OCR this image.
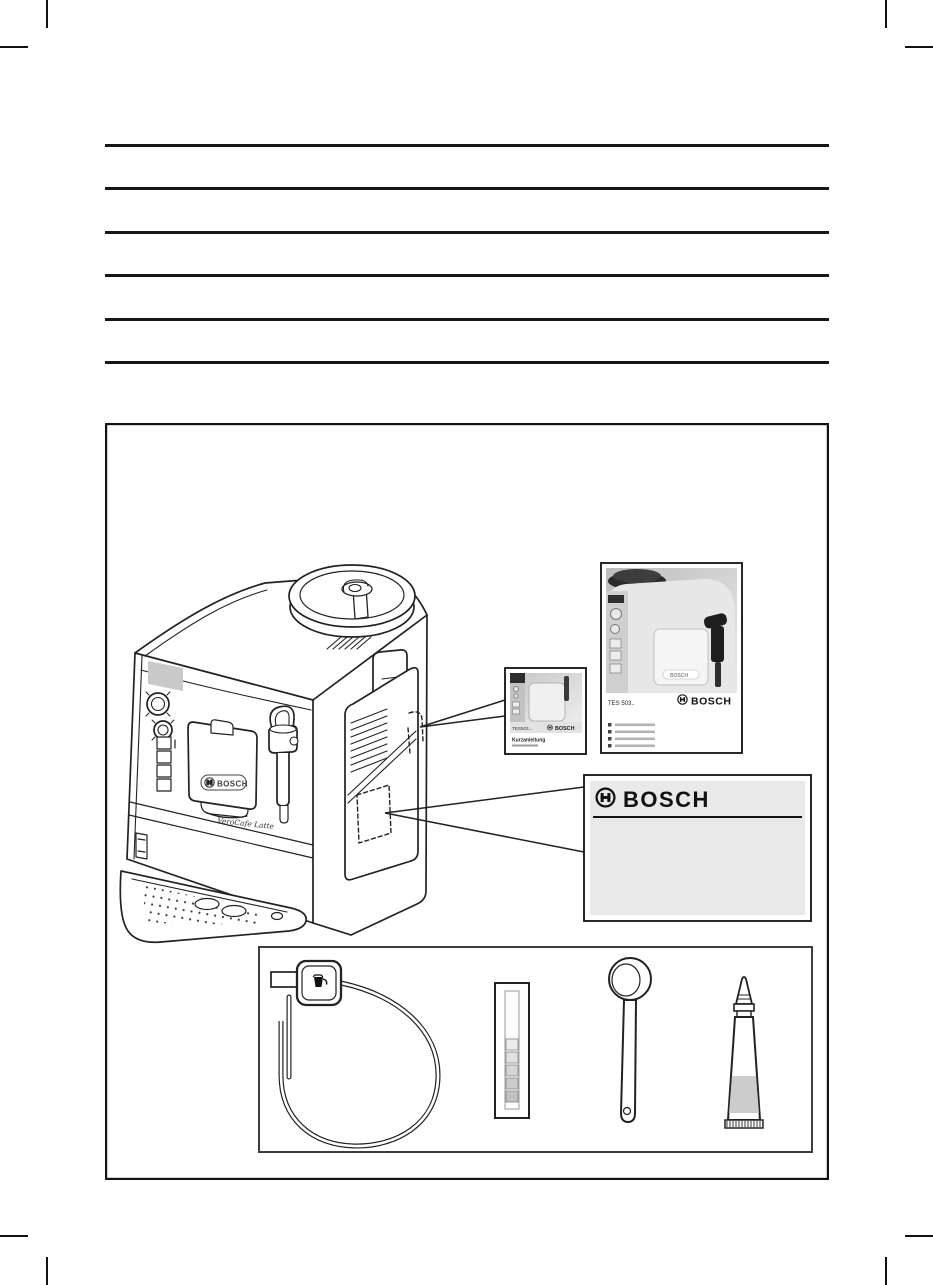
BOSCH
VeroCafe Latte
TES503...	BOSCH
Kurzanleitung
BOSCH
TES 503..	BOSCH
BOSCH
